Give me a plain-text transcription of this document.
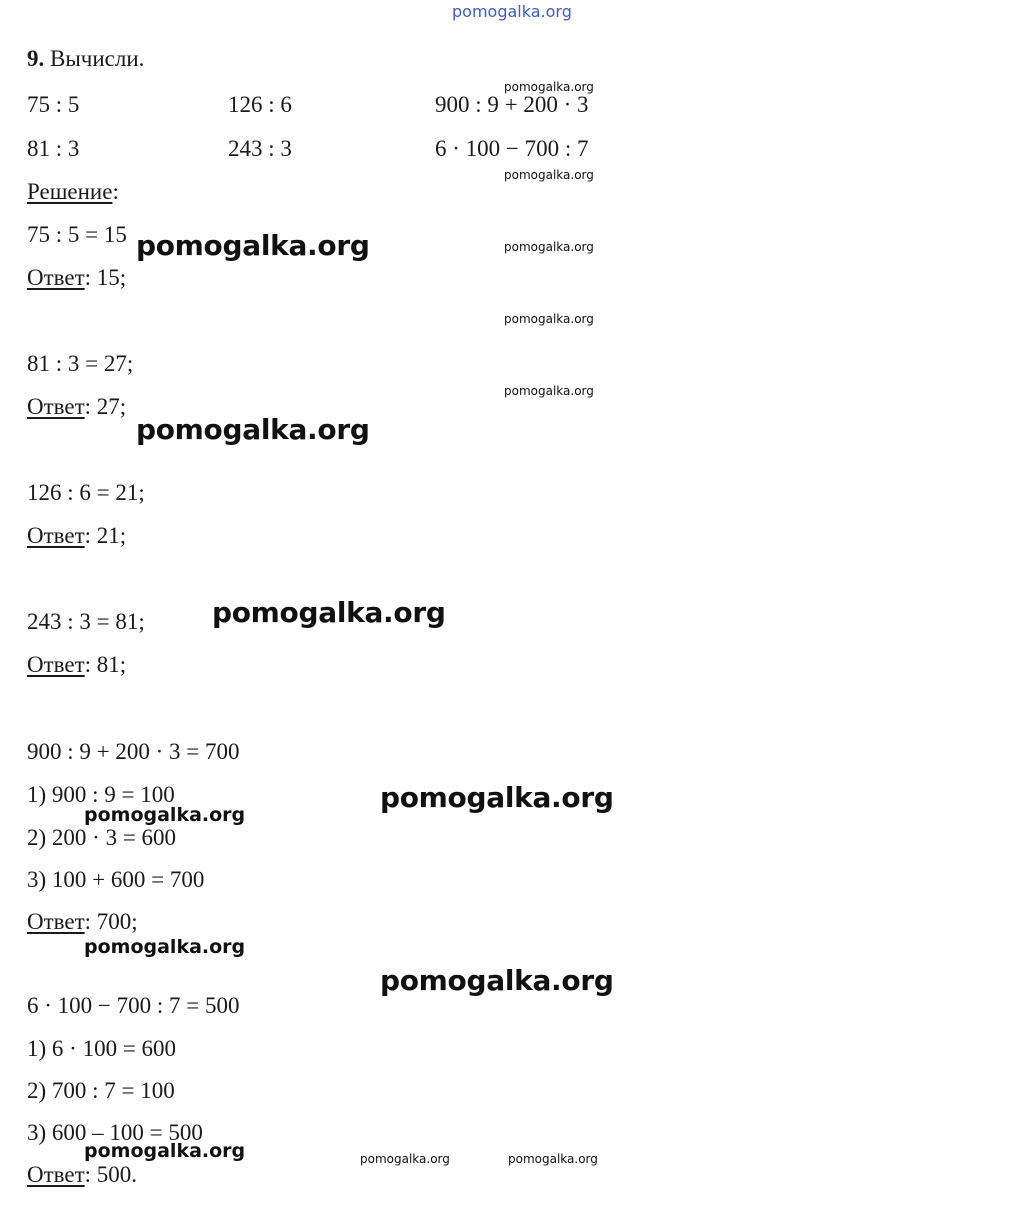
pomogalka.org
9. Вычисли.
75 : 5	126 : 6	900 : 9 + 200 · 3
81 : 3	243 : 3	6 · 100 − 700 : 7
Решение:
75 : 5 = 15
Ответ: 15;
81 : 3 = 27;
Ответ: 27;
126 : 6 = 21;
Ответ: 21;
243 : 3 = 81;
Ответ: 81;
900 : 9 + 200 · 3 = 700
1) 900 : 9 = 100
2) 200 · 3 = 600
3) 100 + 600 = 700
Ответ: 700;
6 · 100 − 700 : 7 = 500
1) 6 · 100 = 600
2) 700 : 7 = 100
3) 600 – 100 = 500
Ответ: 500.
pomogalka.org
pomogalka.org
pomogalka.org
pomogalka.org
pomogalka.org
pomogalka.org	pomogalka.org
pomogalka.org
pomogalka.org
pomogalka.org
pomogalka.org
pomogalka.org
pomogalka.org
pomogalka.org
pomogalka.org
